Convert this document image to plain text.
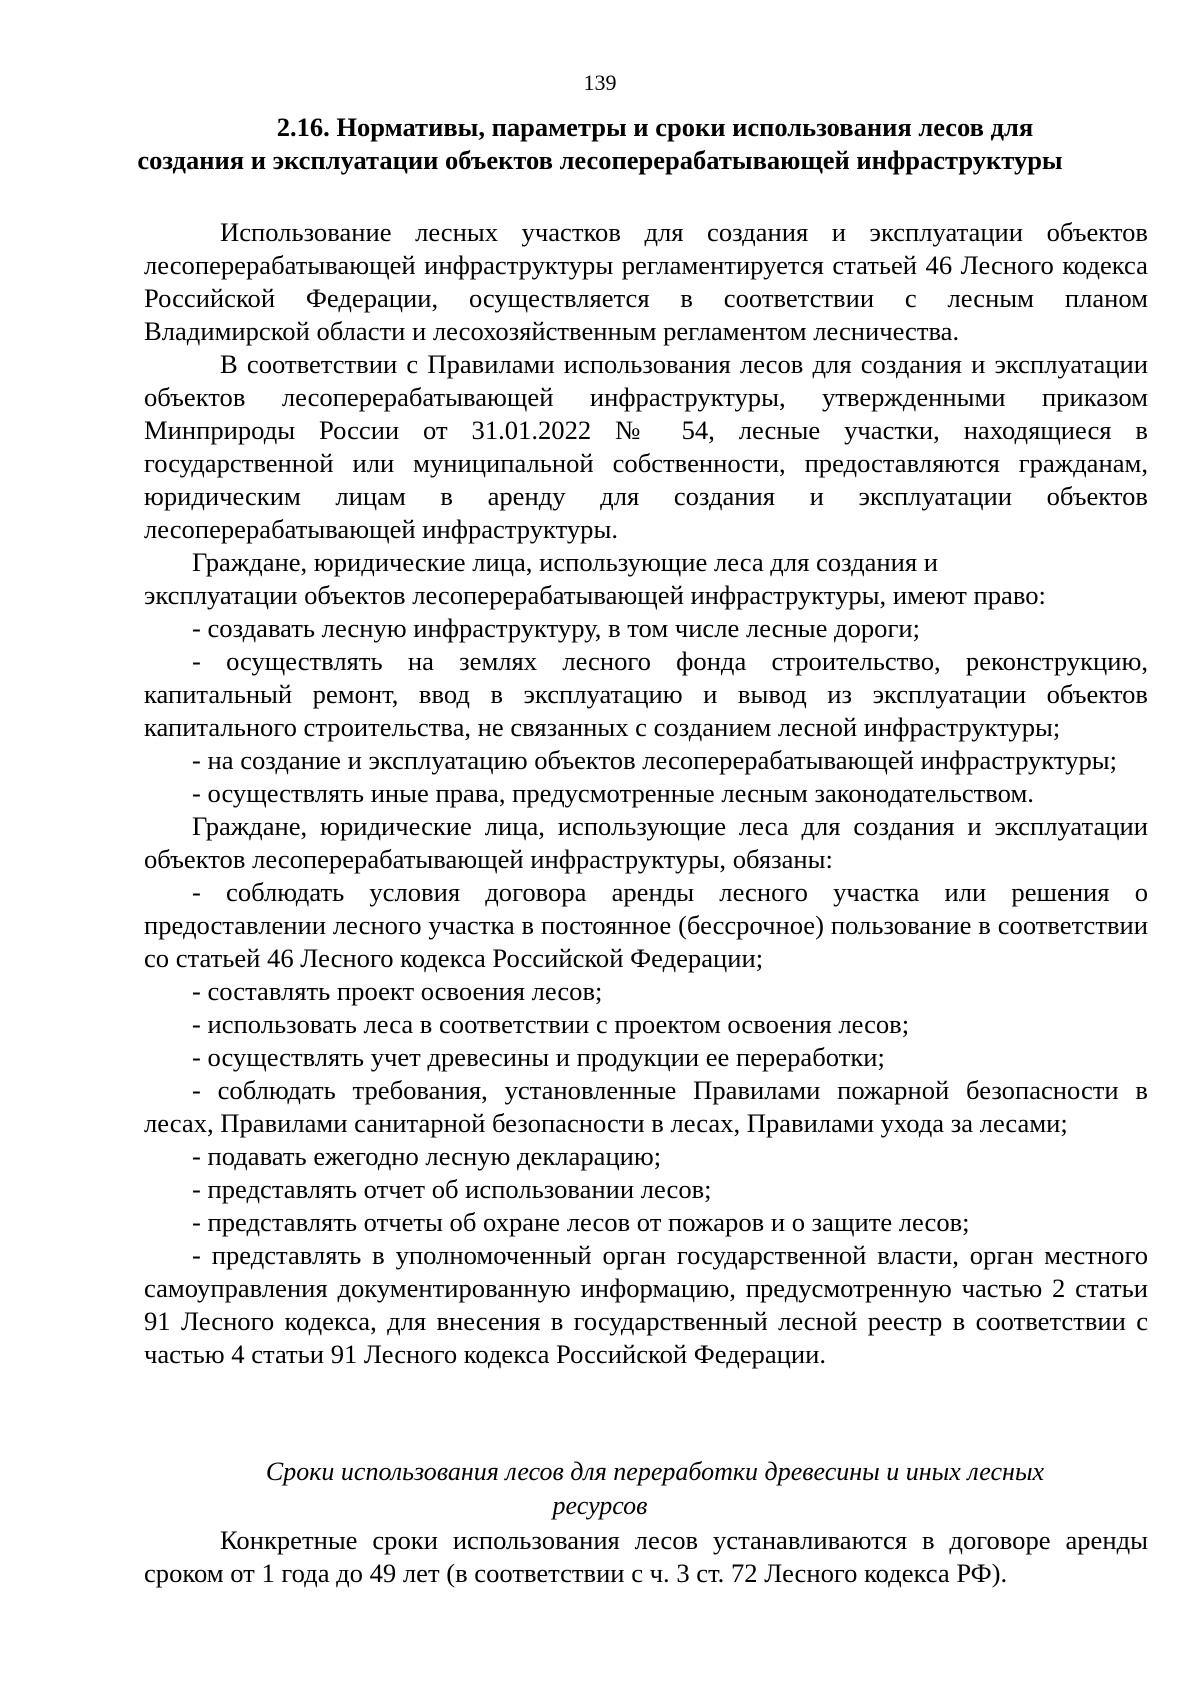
139
2.16. Нормативы, параметры и сроки использования лесов для
создания и эксплуатации объектов лесоперерабатывающей инфраструктуры

Использование лесных участков для создания и эксплуатации объектов лесоперерабатывающей инфраструктуры регламентируется статьей 46 Лесного кодекса Российской Федерации, осуществляется в соответствии с лесным планом Владимирской области и лесохозяйственным регламентом лесничества.

В соответствии с Правилами использования лесов для создания и эксплуатации объектов лесоперерабатывающей инфраструктуры, утвержденными приказом Минприроды России от 31.01.2022 № 54, лесные участки, находящиеся в государственной или муниципальной собственности, предоставляются гражданам, юридическим лицам в аренду для создания и эксплуатации объектов лесоперерабатывающей инфраструктуры.

Граждане, юридические лица, использующие леса для создания и

эксплуатации объектов лесоперерабатывающей инфраструктуры, имеют право:

- создавать лесную инфраструктуру, в том числе лесные дороги;

- осуществлять на землях лесного фонда строительство, реконструкцию, капитальный ремонт, ввод в эксплуатацию и вывод из эксплуатации объектов капитального строительства, не связанных с созданием лесной инфраструктуры;

- на создание и эксплуатацию объектов лесоперерабатывающей инфраструктуры;

- осуществлять иные права, предусмотренные лесным законодательством.

Граждане, юридические лица, использующие леса для создания и эксплуатации объектов лесоперерабатывающей инфраструктуры, обязаны:

- соблюдать условия договора аренды лесного участка или решения о предоставлении лесного участка в постоянное (бессрочное) пользование в соответствии со статьей 46 Лесного кодекса Российской Федерации;

- составлять проект освоения лесов;

- использовать леса в соответствии с проектом освоения лесов;

- осуществлять учет древесины и продукции ее переработки;

- соблюдать требования, установленные Правилами пожарной безопасности в лесах, Правилами санитарной безопасности в лесах, Правилами ухода за лесами;

- подавать ежегодно лесную декларацию;

- представлять отчет об использовании лесов;

- представлять отчеты об охране лесов от пожаров и о защите лесов;

- представлять в уполномоченный орган государственной власти, орган местного самоуправления документированную информацию, предусмотренную частью 2 статьи 91 Лесного кодекса, для внесения в государственный лесной реестр в соответствии с частью 4 статьи 91 Лесного кодекса Российской Федерации.

Сроки использования лесов для переработки древесины и иных лесных
ресурсов

Конкретные сроки использования лесов устанавливаются в договоре аренды сроком от 1 года до 49 лет (в соответствии с ч. 3 ст. 72 Лесного кодекса РФ).
